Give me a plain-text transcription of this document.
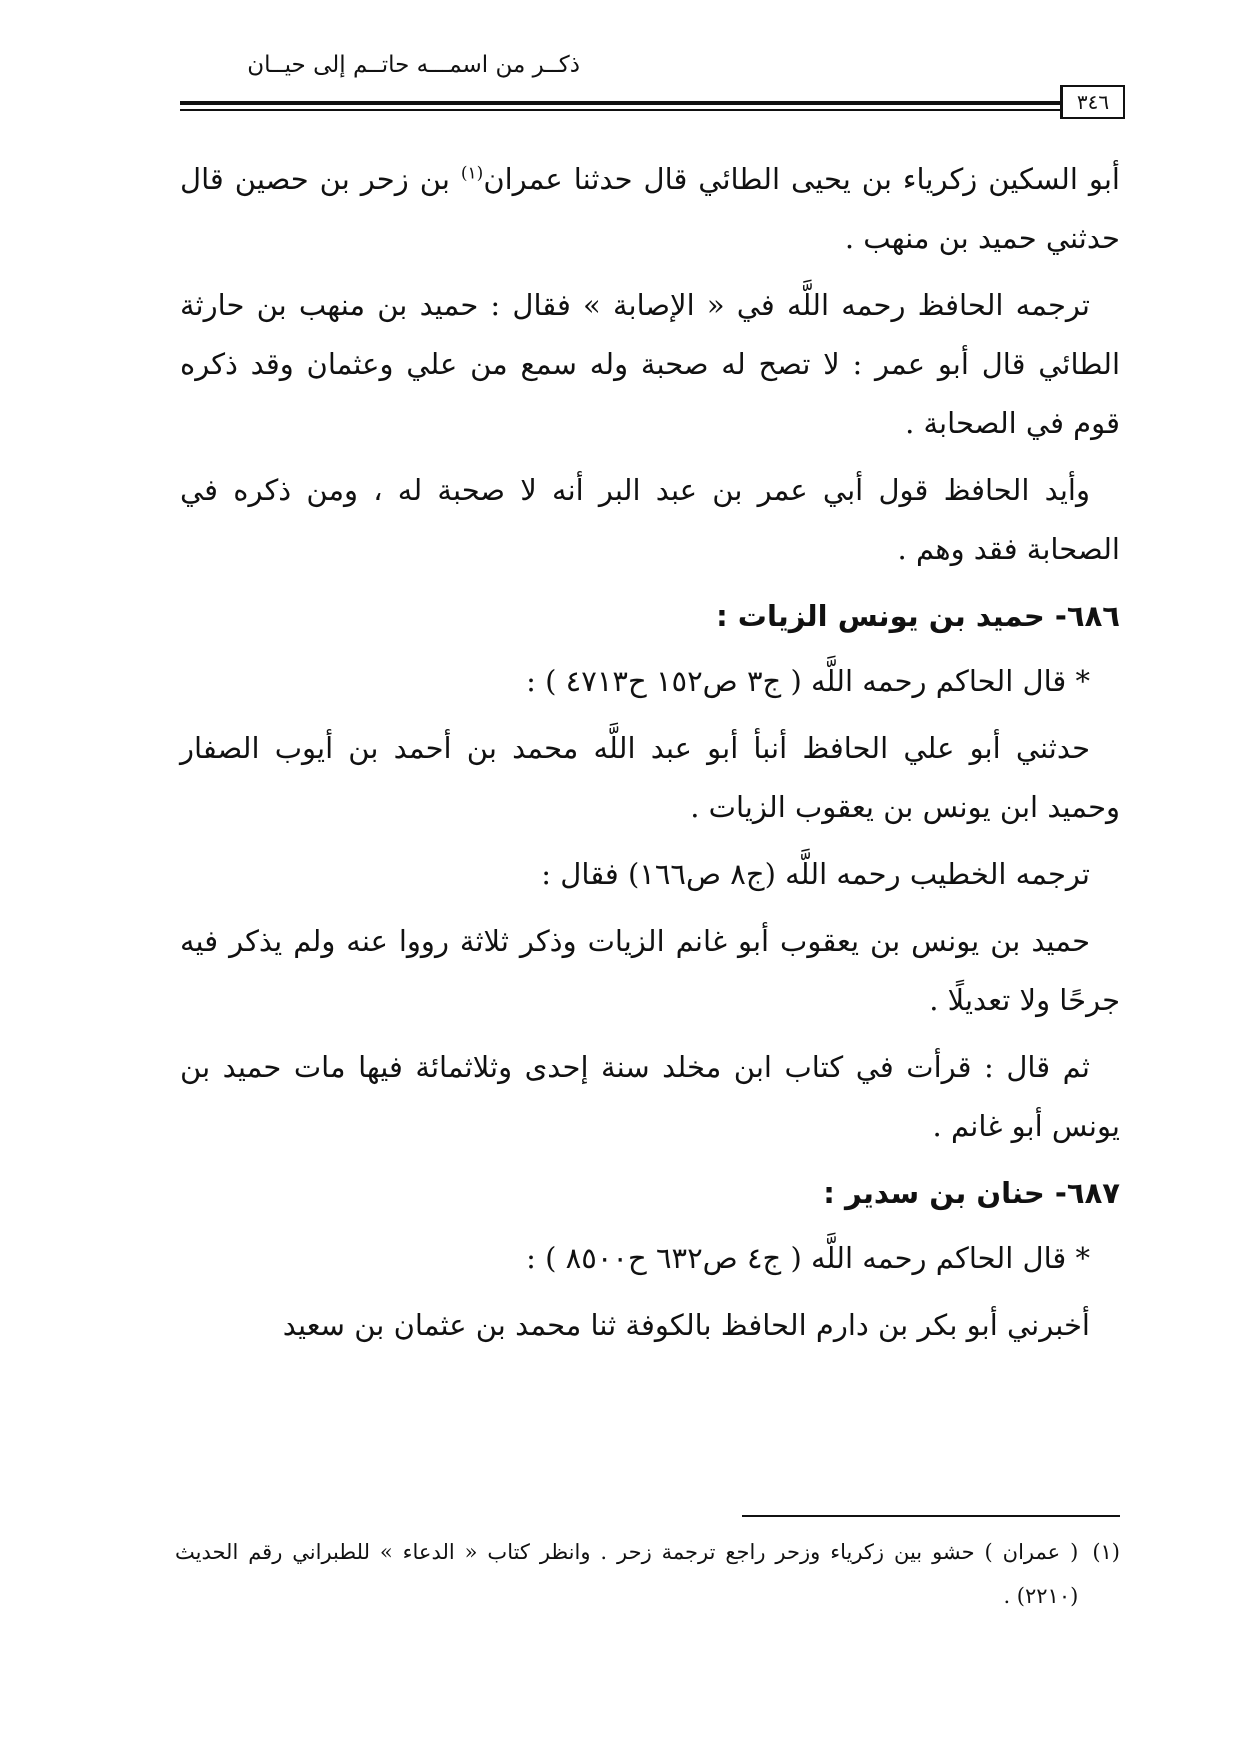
ذكــر من اسمـــه حاتــم إلى حيــان
٣٤٦

أبو السكين زكرياء بن يحيى الطائي قال حدثنا عمران$^{(١)}$ بن زحر بن حصين قال حدثني حميد بن منهب .

ترجمه الحافظ رحمه اللَّه في « الإصابة » فقال : حميد بن منهب بن حارثة الطائي قال أبو عمر : لا تصح له صحبة وله سمع من علي وعثمان وقد ذكره قوم في الصحابة .

وأيد الحافظ قول أبي عمر بن عبد البر أنه لا صحبة له ، ومن ذكره في الصحابة فقد وهم .

٦٨٦- حميد بن يونس الزيات :

* قال الحاكم رحمه اللَّه ( ج٣ ص١٥٢ ح٤٧١٣ ) :

حدثني أبو علي الحافظ أنبأ أبو عبد اللَّه محمد بن أحمد بن أيوب الصفار وحميد ابن يونس بن يعقوب الزيات .

ترجمه الخطيب رحمه اللَّه (ج٨ ص١٦٦) فقال :

حميد بن يونس بن يعقوب أبو غانم الزيات وذكر ثلاثة رووا عنه ولم يذكر فيه جرحًا ولا تعديلًا .

ثم قال : قرأت في كتاب ابن مخلد سنة إحدى وثلاثمائة فيها مات حميد بن يونس أبو غانم .

٦٨٧- حنان بن سدير :

* قال الحاكم رحمه اللَّه ( ج٤ ص٦٣٢ ح٨٥٠٠ ) :

أخبرني أبو بكر بن دارم الحافظ بالكوفة ثنا محمد بن عثمان بن سعيد

(١)
( عمران ) حشو بين زكرياء وزحر راجع ترجمة زحر . وانظر كتاب « الدعاء » للطبراني رقم الحديث (٢٢١٠) .
